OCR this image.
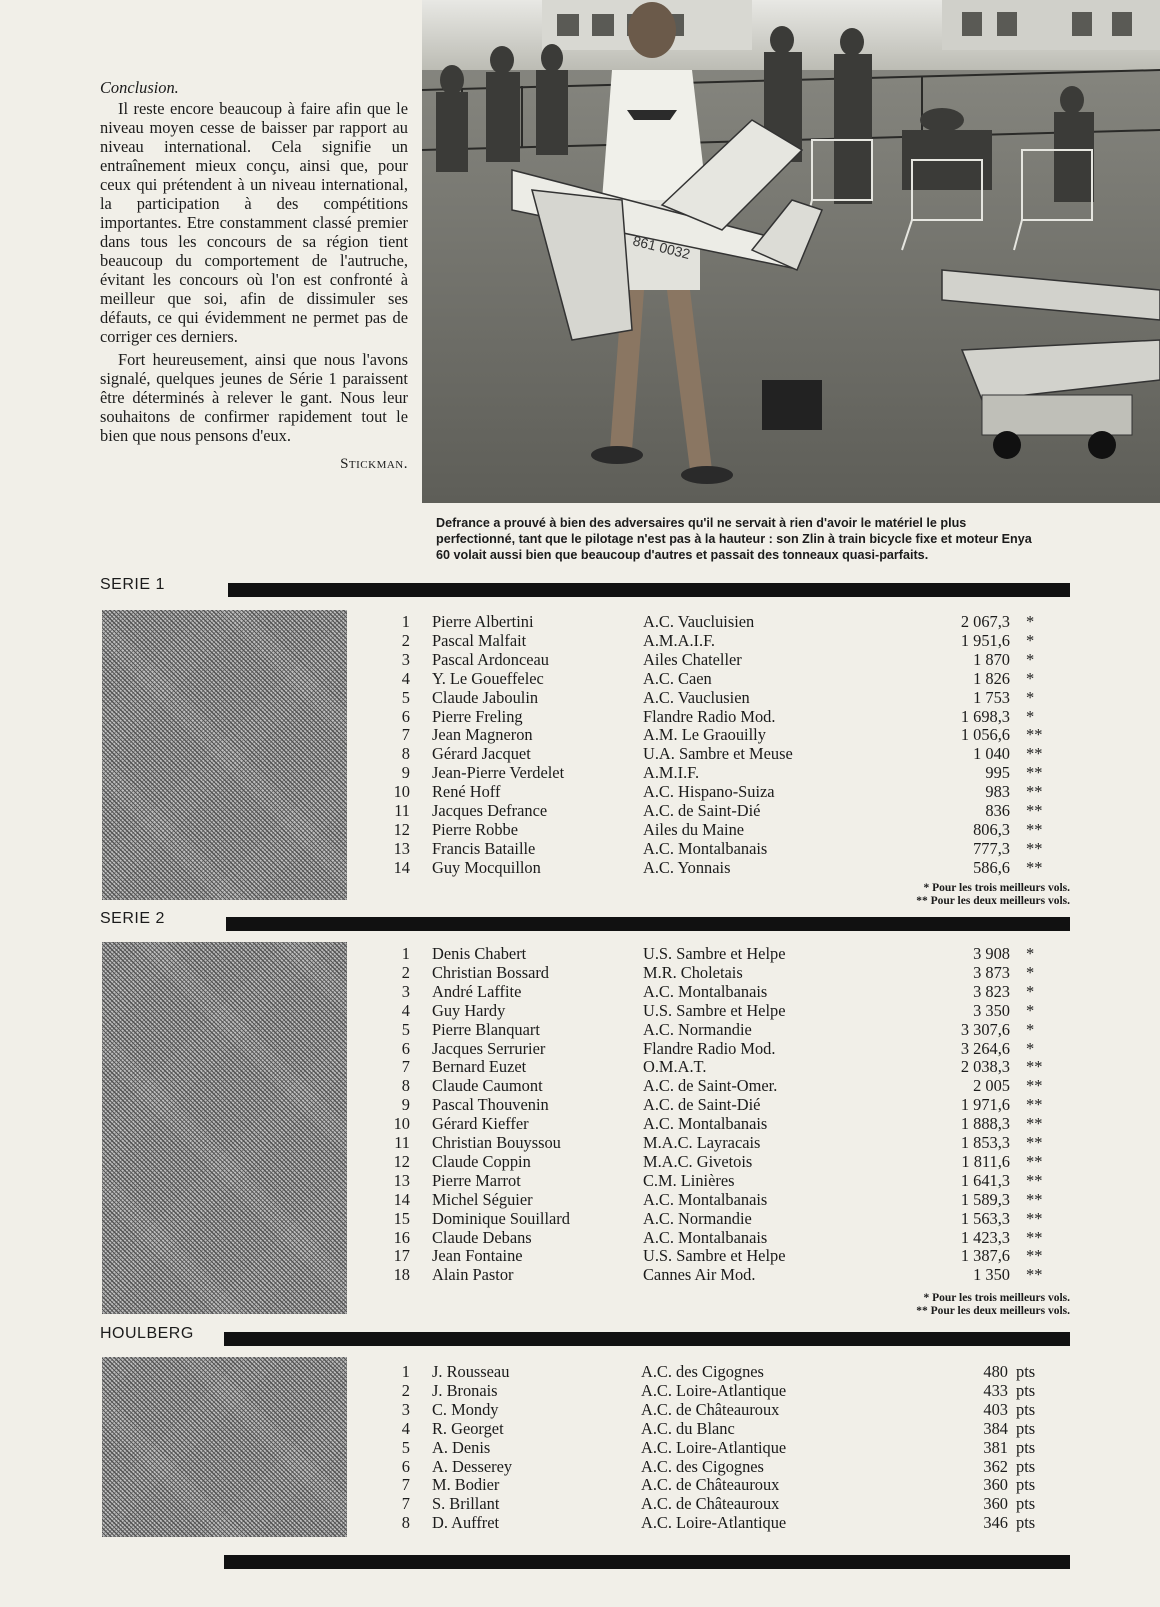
Conclusion.

Il reste encore beaucoup à faire afin que le niveau moyen cesse de baisser par rapport au niveau international. Cela signifie un entraînement mieux conçu, ainsi que, pour ceux qui prétendent à un niveau international, la participation à des compétitions importantes. Etre constamment classé premier dans tous les concours de sa région tient beaucoup du comportement de l'autruche, évitant les concours où l'on est confronté à meilleur que soi, afin de dissimuler ses défauts, ce qui évidemment ne permet pas de corriger ces derniers.

Fort heureusement, ainsi que nous l'avons signalé, quelques jeunes de Série 1 paraissent être déterminés à relever le gant. Nous leur souhaitons de confirmer rapidement tout le bien que nous pensons d'eux.

Stickman.
861 0032
Defrance a prouvé à bien des adversaires qu'il ne servait à rien d'avoir le matériel le plus perfectionné, tant que le pilotage n'est pas à la hauteur : son Zlin à train bicycle fixe et moteur Enya 60 volait aussi bien que beaucoup d'autres et passait des tonneaux quasi-parfaits.
SERIE 1
1 Pierre Albertini	A.C. Vaucluisien	2 067,3 *
2 Pascal Malfait	A.M.A.I.F.	1 951,6 *
3 Pascal Ardonceau	Ailes Chateller	1 870 *
4 Y. Le Goueffelec	A.C. Caen	1 826 *
5 Claude Jaboulin	A.C. Vauclusien	1 753 *
6 Pierre Freling	Flandre Radio Mod.	1 698,3 *
7 Jean Magneron	A.M. Le Graouilly	1 056,6 **
8 Gérard Jacquet	U.A. Sambre et Meuse	1 040 **
9 Jean-Pierre Verdelet	A.M.I.F.	995 **
10 René Hoff	A.C. Hispano-Suiza	983 **
11 Jacques Defrance	A.C. de Saint-Dié	836 **
12 Pierre Robbe	Ailes du Maine	806,3 **
13 Francis Bataille	A.C. Montalbanais	777,3 **
14 Guy Mocquillon	A.C. Yonnais	586,6 **
* Pour les trois meilleurs vols.
** Pour les deux meilleurs vols.
SERIE 2
1 Denis Chabert	U.S. Sambre et Helpe	3 908 *
2 Christian Bossard	M.R. Choletais	3 873 *
3 André Laffite	A.C. Montalbanais	3 823 *
4 Guy Hardy	U.S. Sambre et Helpe	3 350 *
5 Pierre Blanquart	A.C. Normandie	3 307,6 *
6 Jacques Serrurier	Flandre Radio Mod.	3 264,6 *
7 Bernard Euzet	O.M.A.T.	2 038,3 **
8 Claude Caumont	A.C. de Saint-Omer.	2 005 **
9 Pascal Thouvenin	A.C. de Saint-Dié	1 971,6 **
10 Gérard Kieffer	A.C. Montalbanais	1 888,3 **
11 Christian Bouyssou	M.A.C. Layracais	1 853,3 **
12 Claude Coppin	M.A.C. Givetois	1 811,6 **
13 Pierre Marrot	C.M. Linières	1 641,3 **
14 Michel Séguier	A.C. Montalbanais	1 589,3 **
15 Dominique Souillard	A.C. Normandie	1 563,3 **
16 Claude Debans	A.C. Montalbanais	1 423,3 **
17 Jean Fontaine	U.S. Sambre et Helpe	1 387,6 **
18 Alain Pastor	Cannes Air Mod.	1 350 **
* Pour les trois meilleurs vols.
** Pour les deux meilleurs vols.
HOULBERG
1 J. Rousseau	A.C. des Cigognes	480 pts
2 J. Bronais	A.C. Loire-Atlantique	433 pts
3 C. Mondy	A.C. de Châteauroux	403 pts
4 R. Georget	A.C. du Blanc	384 pts
5 A. Denis	A.C. Loire-Atlantique	381 pts
6 A. Desserey	A.C. des Cigognes	362 pts
7 M. Bodier	A.C. de Châteauroux	360 pts
7 S. Brillant	A.C. de Châteauroux	360 pts
8 D. Auffret	A.C. Loire-Atlantique	346 pts
